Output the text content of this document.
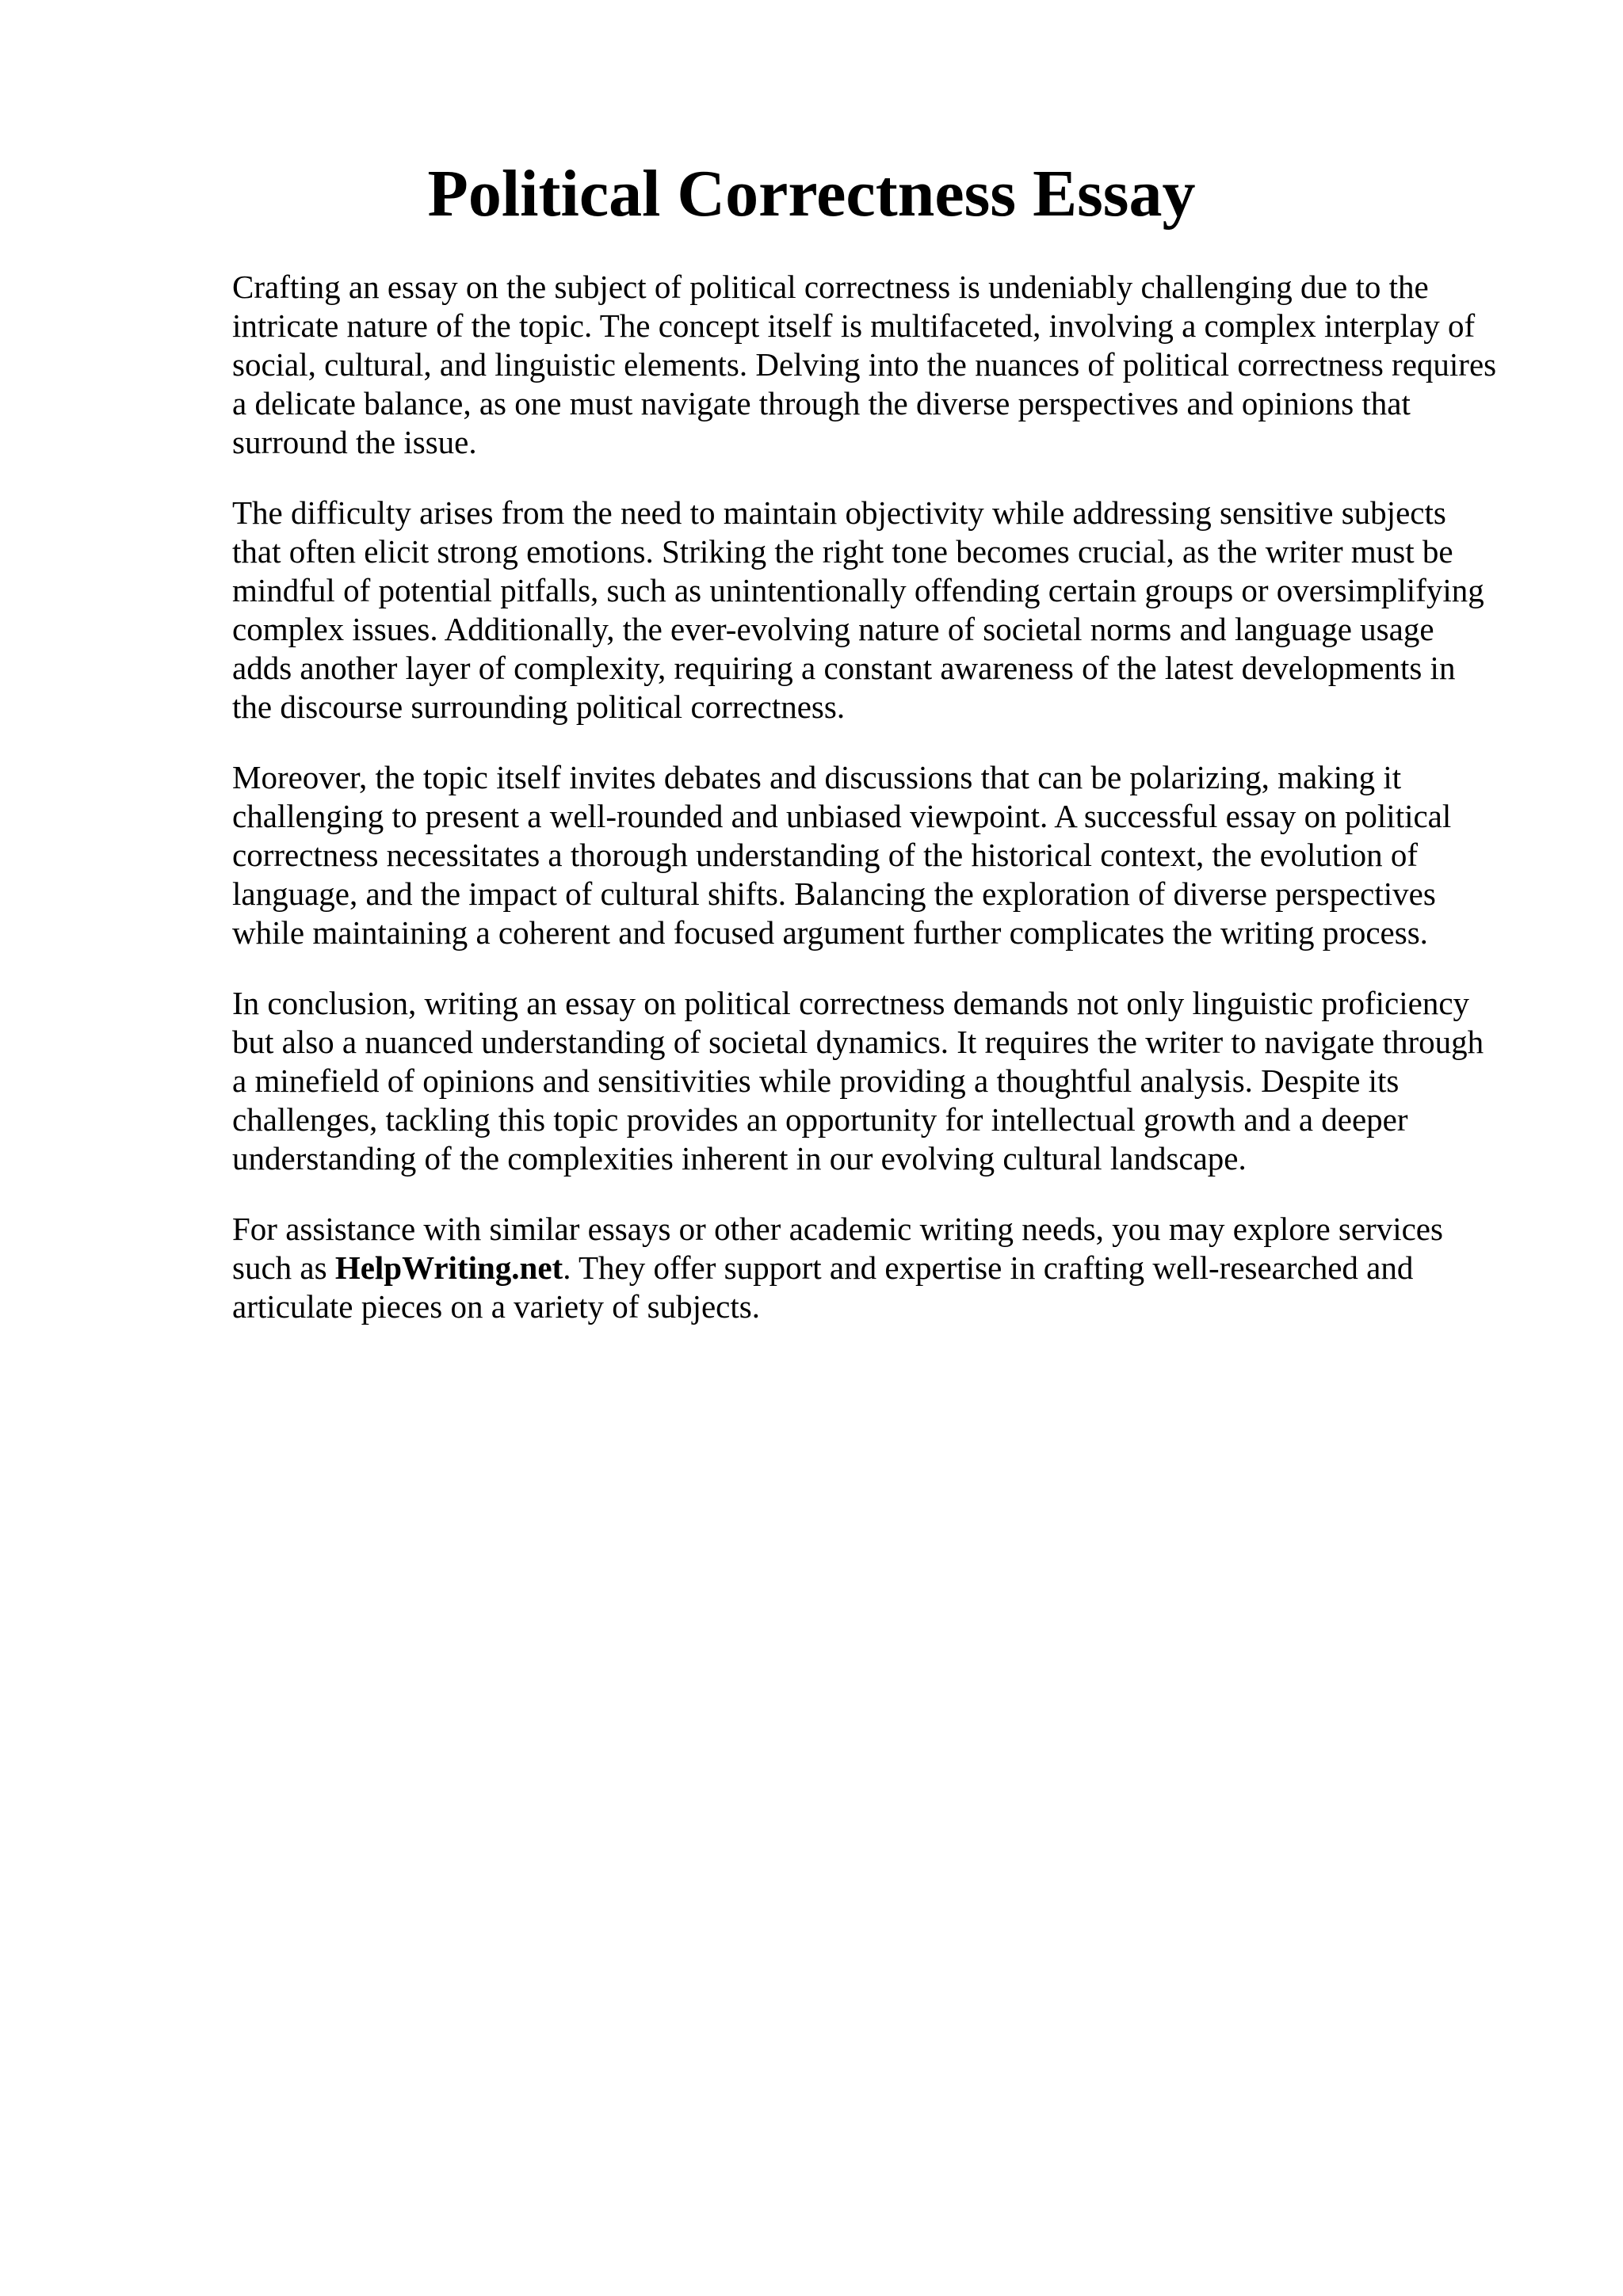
Political Correctness Essay

Crafting an essay on the subject of political correctness is undeniably challenging due to the
intricate nature of the topic. The concept itself is multifaceted, involving a complex interplay of
social, cultural, and linguistic elements. Delving into the nuances of political correctness requires
a delicate balance, as one must navigate through the diverse perspectives and opinions that
surround the issue.

The difficulty arises from the need to maintain objectivity while addressing sensitive subjects
that often elicit strong emotions. Striking the right tone becomes crucial, as the writer must be
mindful of potential pitfalls, such as unintentionally offending certain groups or oversimplifying
complex issues. Additionally, the ever-evolving nature of societal norms and language usage
adds another layer of complexity, requiring a constant awareness of the latest developments in
the discourse surrounding political correctness.

Moreover, the topic itself invites debates and discussions that can be polarizing, making it
challenging to present a well-rounded and unbiased viewpoint. A successful essay on political
correctness necessitates a thorough understanding of the historical context, the evolution of
language, and the impact of cultural shifts. Balancing the exploration of diverse perspectives
while maintaining a coherent and focused argument further complicates the writing process.

In conclusion, writing an essay on political correctness demands not only linguistic proficiency
but also a nuanced understanding of societal dynamics. It requires the writer to navigate through
a minefield of opinions and sensitivities while providing a thoughtful analysis. Despite its
challenges, tackling this topic provides an opportunity for intellectual growth and a deeper
understanding of the complexities inherent in our evolving cultural landscape.

For assistance with similar essays or other academic writing needs, you may explore services
such as HelpWriting.net. They offer support and expertise in crafting well-researched and
articulate pieces on a variety of subjects.
